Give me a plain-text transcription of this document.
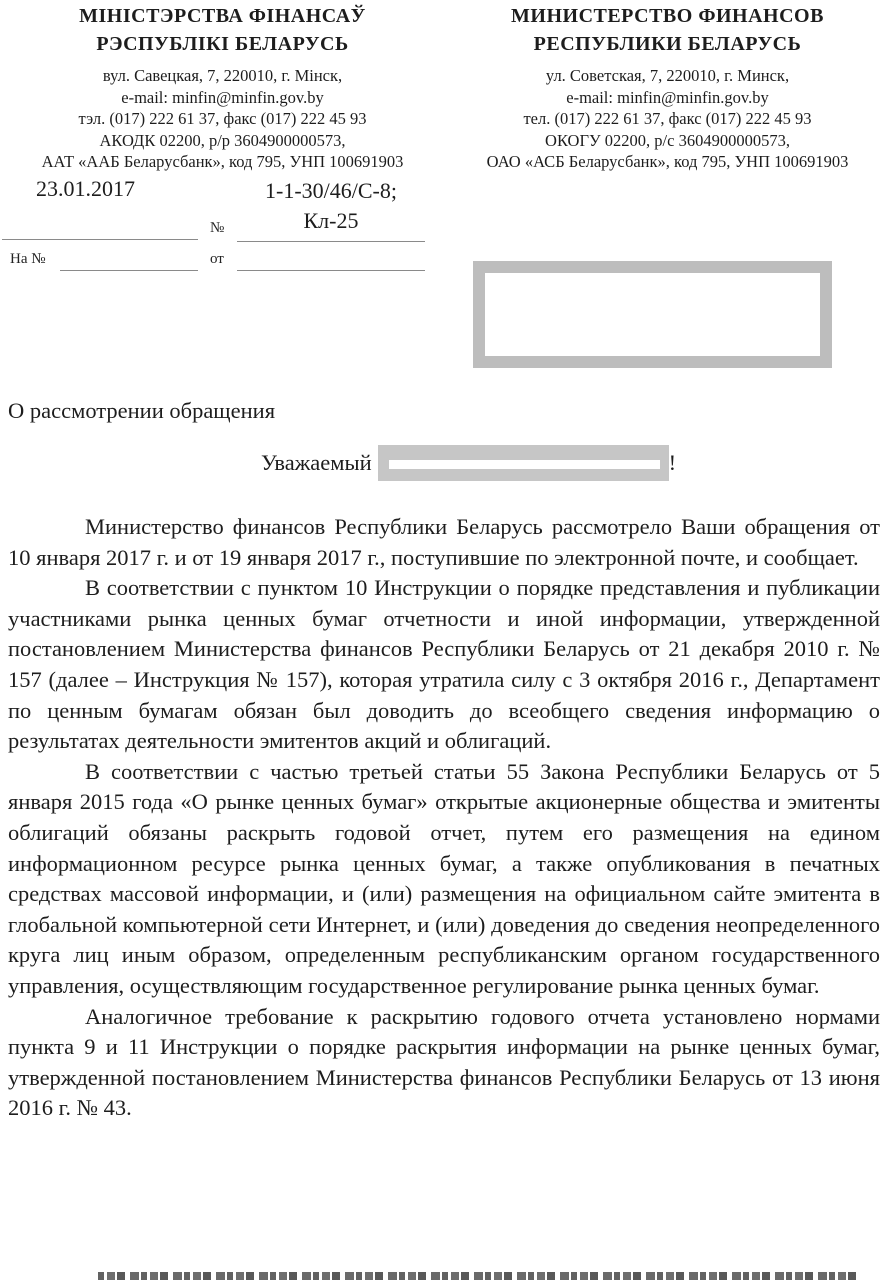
МІНІСТЭРСТВА ФІНАНСАЎ
РЭСПУБЛІКІ БЕЛАРУСЬ
вул. Савецкая, 7, 220010, г. Мінск,
e-mail: minfin@minfin.gov.by
тэл. (017) 222 61 37, факс (017) 222 45 93
АКОДК 02200, р/р 3604900000573,
ААТ «ААБ Беларусбанк», код 795, УНП 100691903
МИНИСТЕРСТВО ФИНАНСОВ
РЕСПУБЛИКИ БЕЛАРУСЬ
ул. Советская, 7, 220010, г. Минск,
e-mail: minfin@minfin.gov.by
тел. (017) 222 61 37, факс (017) 222 45 93
ОКОГУ 02200, р/с 3604900000573,
ОАО «АСБ Беларусбанк», код 795, УНП 100691903
23.01.2017
№
1-1-30/46/С-8;
Кл-25
На №	от
О рассмотрении обращения
Уважаемый	!

Министерство финансов Республики Беларусь рассмотрело Ваши обращения от 10 января 2017 г. и от 19 января 2017 г., поступившие по электронной почте, и сообщает.

В соответствии с пунктом 10 Инструкции о порядке представления и публикации участниками рынка ценных бумаг отчетности и иной информации, утвержденной постановлением Министерства финансов Республики Беларусь от 21 декабря 2010 г. № 157 (далее – Инструкция № 157), которая утратила силу с 3 октября 2016 г., Департамент по ценным бумагам обязан был доводить до всеобщего сведения информацию о результатах деятельности эмитентов акций и облигаций.

В соответствии с частью третьей статьи 55 Закона Республики Беларусь от 5 января 2015 года «О рынке ценных бумаг» открытые акционерные общества и эмитенты облигаций обязаны раскрыть годовой отчет, путем его размещения на едином информационном ресурсе рынка ценных бумаг, а также опубликования в печатных средствах массовой информации, и (или) размещения на официальном сайте эмитента в глобальной компьютерной сети Интернет, и (или) доведения до сведения неопределенного круга лиц иным образом, определенным республиканским органом государственного управления, осуществляющим государственное регулирование рынка ценных бумаг.

Аналогичное требование к раскрытию годового отчета установлено нормами пункта 9 и 11 Инструкции о порядке раскрытия информации на рынке ценных бумаг, утвержденной постановлением Министерства финансов Республики Беларусь от 13 июня 2016 г. № 43.
